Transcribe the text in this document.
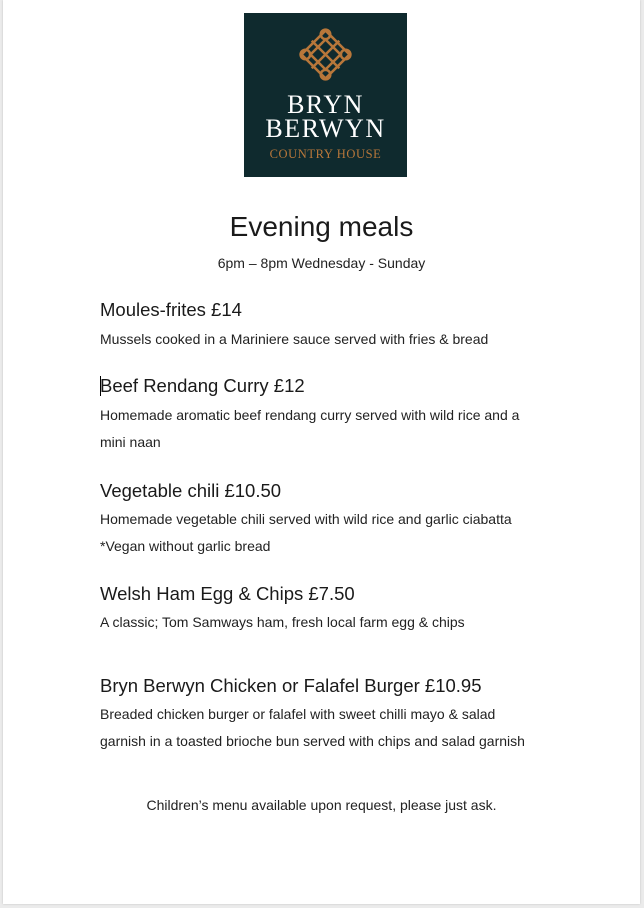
BRYN
BERWYN
COUNTRY HOUSE
Evening meals
6pm – 8pm Wednesday - Sunday
Moules-frites £14
Mussels cooked in a Mariniere sauce served with fries & bread
Beef Rendang Curry £12
Homemade aromatic beef rendang curry served with wild rice and a mini naan
Vegetable chili £10.50
Homemade vegetable chili served with wild rice and garlic ciabatta
*Vegan without garlic bread
Welsh Ham Egg & Chips £7.50
A classic; Tom Samways ham, fresh local farm egg & chips
Bryn Berwyn Chicken or Falafel Burger £10.95
Breaded chicken burger or falafel with sweet chilli mayo & salad garnish in a toasted brioche bun served with chips and salad garnish
Children’s menu available upon request, please just ask.
